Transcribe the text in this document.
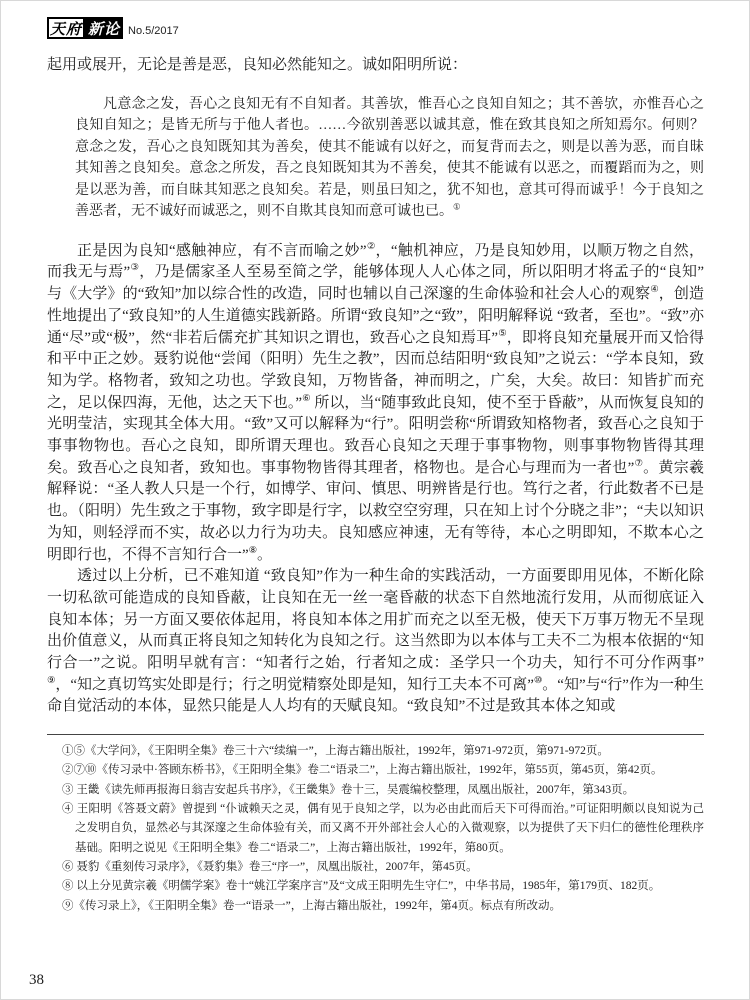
天府 新论 No.5/2017

起用或展开，无论是善是恶，良知必然能知之。诚如阳明所说：

凡意念之发，吾心之良知无有不自知者。其善欤，惟吾心之良知自知之；其不善欤，亦惟吾心之良知自知之；是皆无所与于他人者也。……今欲别善恶以诚其意，惟在致其良知之所知焉尔。何则？意念之发，吾心之良知既知其为善矣，使其不能诚有以好之，而复背而去之，则是以善为恶，而自昧其知善之良知矣。意念之所发，吾之良知既知其为不善矣，使其不能诚有以恶之，而覆蹈而为之，则是以恶为善，而自昧其知恶之良知矣。若是，则虽曰知之，犹不知也，意其可得而诚乎！今于良知之善恶者，无不诚好而诚恶之，则不自欺其良知而意可诚也已。①

正是因为良知“感触神应，有不言而喻之妙”②，“触机神应，乃是良知妙用，以顺万物之自然，而我无与焉”③，乃是儒家圣人至易至简之学，能够体现人人心体之同，所以阳明才将孟子的“良知”与《大学》的“致知”加以综合性的改造，同时也辅以自己深邃的生命体验和社会人心的观察④，创造性地提出了“致良知”的人生道德实践新路。所谓“致良知”之“致”，阳明解释说 “致者，至也”。“致”亦通“尽”或“极”，然“非若后儒充扩其知识之谓也，致吾心之良知焉耳”⑤，即将良知充量展开而又恰得和平中正之妙。聂豹说他“尝闻（阳明）先生之教”，因而总结阳明“致良知”之说云：“学本良知，致知为学。格物者，致知之功也。学致良知，万物皆备，神而明之，广矣，大矣。故曰：知皆扩而充之，足以保四海，无他，达之天下也。”⑥ 所以，当“随事致此良知，使不至于昏蔽”，从而恢复良知的光明莹洁，实现其全体大用。“致”又可以解释为“行”。阳明尝称“所谓致知格物者，致吾心之良知于事事物物也。吾心之良知，即所谓天理也。致吾心良知之天理于事事物物，则事事物物皆得其理矣。致吾心之良知者，致知也。事事物物皆得其理者，格物也。是合心与理而为一者也”⑦。黄宗羲解释说：“圣人教人只是一个行，如博学、审问、慎思、明辨皆是行也。笃行之者，行此数者不已是也。（阳明）先生致之于事物，致字即是行字，以救空空穷理，只在知上讨个分晓之非”；“夫以知识为知，则轻浮而不实，故必以力行为功夫。良知感应神速，无有等待，本心之明即知，不欺本心之明即行也，不得不言知行合一”⑧。

透过以上分析，已不难知道 “致良知”作为一种生命的实践活动，一方面要即用见体，不断化除一切私欲可能造成的良知昏蔽，让良知在无一丝一毫昏蔽的状态下自然地流行发用，从而彻底证入良知本体；另一方面又要依体起用，将良知本体之用扩而充之以至无极，使天下万事万物无不呈现出价值意义，从而真正将良知之知转化为良知之行。这当然即为以本体与工夫不二为根本依据的“知行合一”之说。阳明早就有言：“知者行之始，行者知之成：圣学只一个功夫，知行不可分作两事”⑨，“知之真切笃实处即是行；行之明觉精察处即是知，知行工夫本不可离”⑩。“知”与“行”作为一种生命自觉活动的本体，显然只能是人人均有的天赋良知。“致良知”不过是致其本体之知或

①⑤《大学问》，《王阳明全集》卷三十六“续编一”，上海古籍出版社，1992年，第971-972页，第971-972页。

②⑦⑩《传习录中·答顾东桥书》，《王阳明全集》卷二“语录二”，上海古籍出版社，1992年，第55页，第45页，第42页。

③ 王畿《读先师再报海日翁吉安起兵书序》，《王畿集》卷十三，吴震编校整理，凤凰出版社，2007年，第343页。

④ 王阳明《答聂文蔚》曾提到 “仆诚赖天之灵，偶有见于良知之学，以为必由此而后天下可得而治。”可证阳明颇以良知说为己之发明自负，显然必与其深邃之生命体验有关，而又离不开外部社会人心的入微观察，以为提供了天下归仁的德性伦理秩序基础。阳明之说见《王阳明全集》卷二“语录二”，上海古籍出版社，1992年，第80页。

⑥ 聂豹《重刻传习录序》，《聂豹集》卷三“序一”，凤凰出版社，2007年，第45页。

⑧ 以上分见黄宗羲《明儒学案》卷十“姚江学案序言”及“文成王阳明先生守仁”，中华书局，1985年，第179页、182页。

⑨《传习录上》，《王阳明全集》卷一“语录一”，上海古籍出版社，1992年，第4页。标点有所改动。

38
